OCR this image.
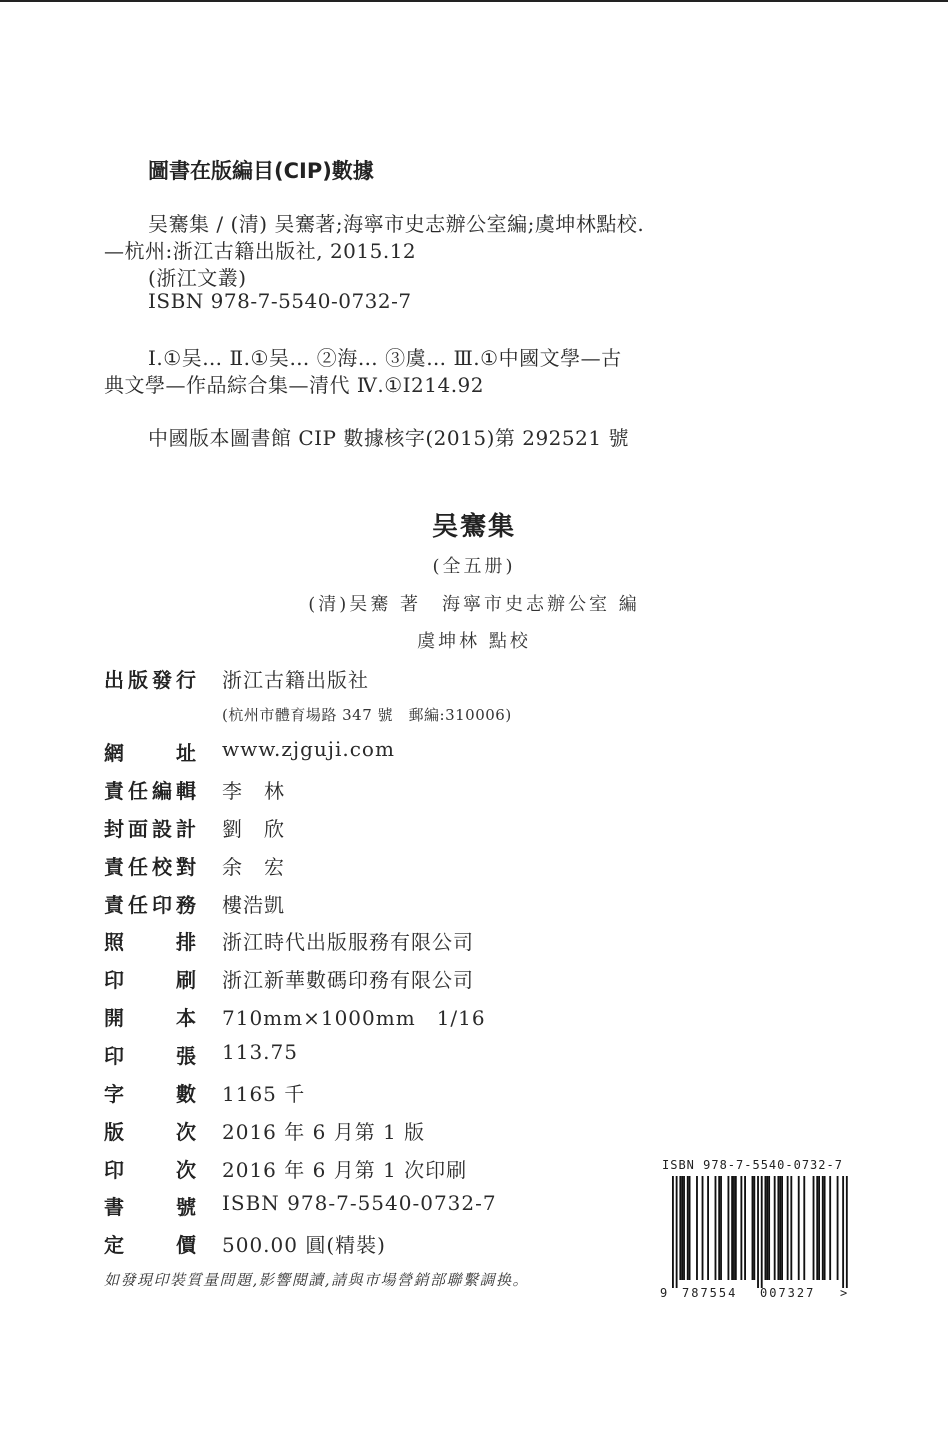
圖書在版編目(CIP)數據
吴騫集 / (清) 吴騫著;海寧市史志辦公室編;虞坤林點校.
—杭州:浙江古籍出版社, 2015.12
(浙江文叢)
ISBN 978-7-5540-0732-7
Ⅰ.①吴… Ⅱ.①吴… ②海… ③虞… Ⅲ.①中國文學—古
典文學—作品綜合集—清代 Ⅳ.①I214.92
中國版本圖書館 CIP 數據核字(2015)第 292521 號
吴騫集
(全五册)
(清)吴騫 著　海寧市史志辦公室 編
虞坤林 點校
出 版 發 行 浙江古籍出版社
(杭州市體育場路 347 號　郵編:310006)
網	址 www.zjguji.com
責 任 編 輯 李　林
封 面 設 計 劉　欣
責 任 校 對 余　宏
責 任 印 務 樓浩凱
照	排 浙江時代出版服務有限公司
印	刷 浙江新華數碼印務有限公司
開	本 710mm×1000mm　1/16
印	張 113.75
字	數 1165 千
版	次 2016 年 6 月第 1 版
印	次 2016 年 6 月第 1 次印刷
書	號 ISBN 978-7-5540-0732-7
定	價 500.00 圓(精裝)
如發現印裝質量問題,影響閱讀,請與市場營銷部聯繫調换。
ISBN 978-7-5540-0732-7
9 787554 007327 >
